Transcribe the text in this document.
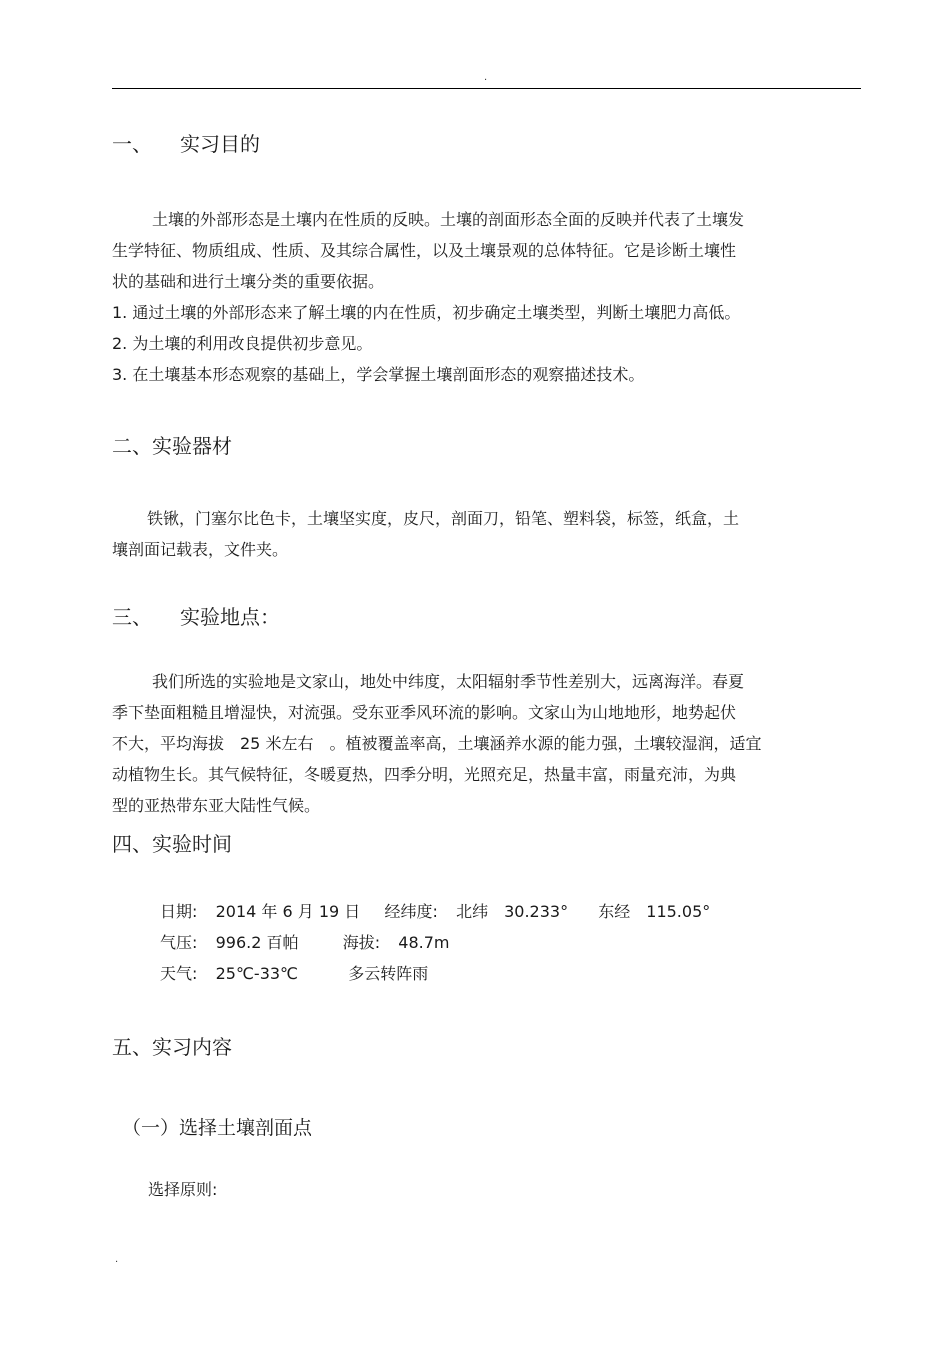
.
一、 实习目的
土壤的外部形态是土壤内在性质的反映。土壤的剖面形态全面的反映并代表了土壤发
生学特征、物质组成、性质、及其综合属性，以及土壤景观的总体特征。它是诊断土壤性
状的基础和进行土壤分类的重要依据。
1. 通过土壤的外部形态来了解土壤的内在性质，初步确定土壤类型，判断土壤肥力高低。
2. 为土壤的利用改良提供初步意见。
3. 在土壤基本形态观察的基础上，学会掌握土壤剖面形态的观察描述技术。
二、实验器材
铁锹，门塞尔比色卡，土壤坚实度，皮尺，剖面刀，铅笔、塑料袋，标签，纸盒，土
壤剖面记载表，文件夹。
三、 实验地点：
我们所选的实验地是文家山，地处中纬度，太阳辐射季节性差别大，远离海洋。春夏
季下垫面粗糙且增湿快，对流强。受东亚季风环流的影响。文家山为山地地形，地势起伏
不大，平均海拔　25 米左右　。植被覆盖率高，土壤涵养水源的能力强，土壤较湿润，适宜
动植物生长。其气候特征，冬暖夏热，四季分明，光照充足，热量丰富，雨量充沛，为典
型的亚热带东亚大陆性气候。
四、实验时间
日期: 2014 年 6 月 19 日 经纬度: 北纬　30.233° 东经　115.05°
气压: 996.2 百帕	海拔: 48.7m
天气: 25℃-33℃	多云转阵雨
五、实习内容
（一）选择土壤剖面点
选择原则:
.
